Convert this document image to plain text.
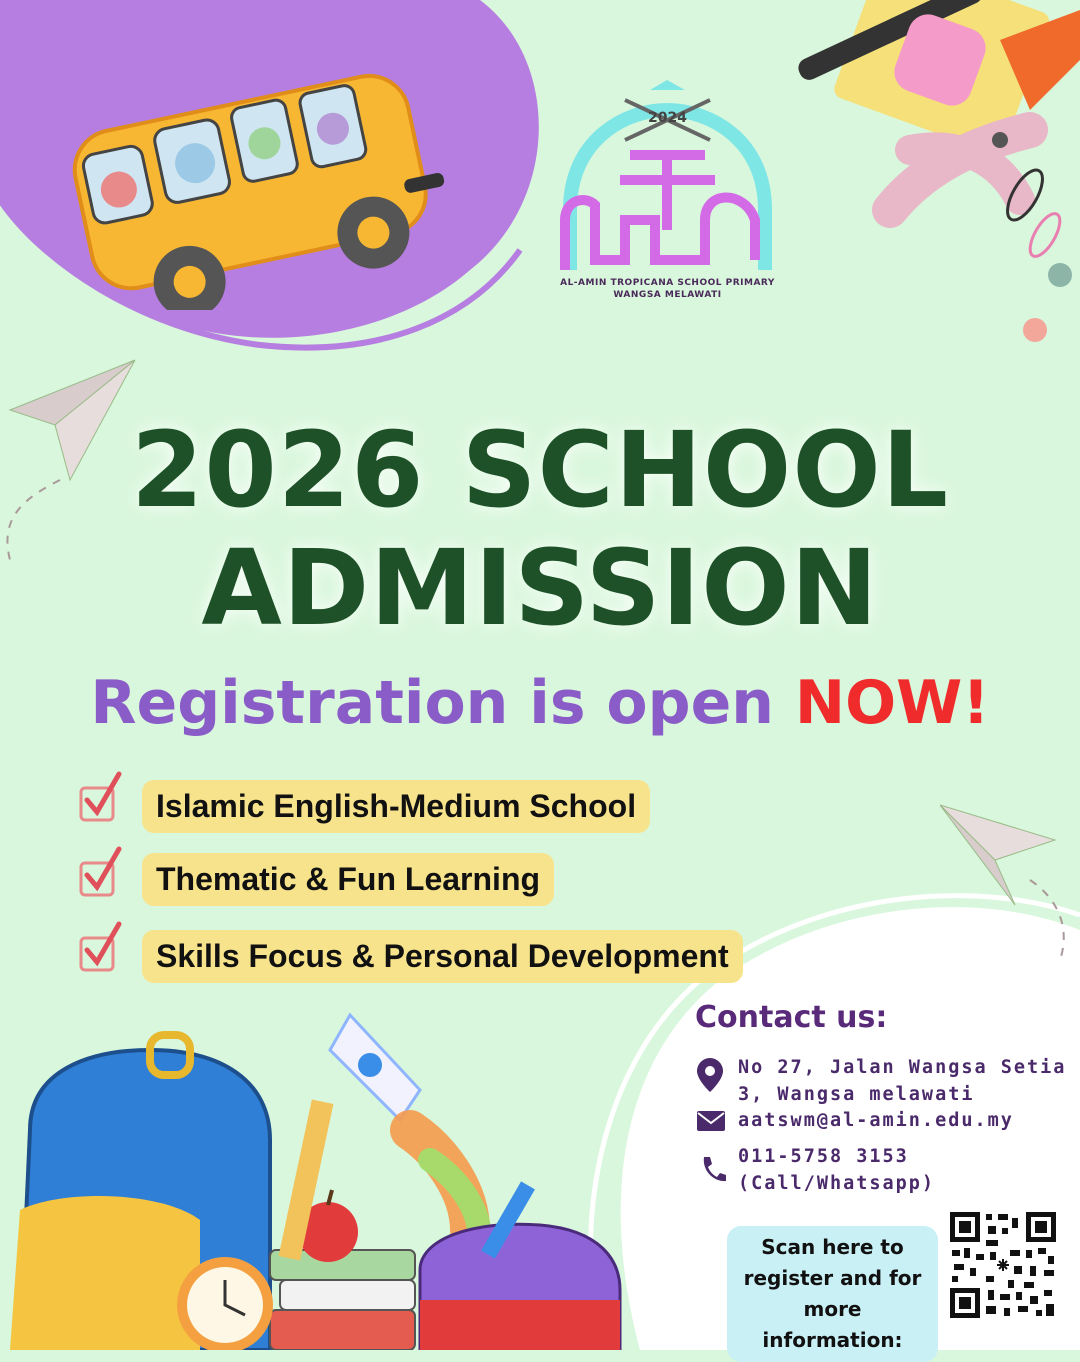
2024
AL-AMIN TROPICANA SCHOOL PRIMARY
WANGSA MELAWATI
2026 SCHOOL
ADMISSION
Registration is open NOW!
Islamic English-Medium School
Thematic & Fun Learning
Skills Focus & Personal Development
Contact us:
No 27, Jalan Wangsa Setia
3, Wangsa melawati
aatswm@al-amin.edu.my
011-5758 3153
(Call/Whatsapp)
Scan here to
register and for
more information:
